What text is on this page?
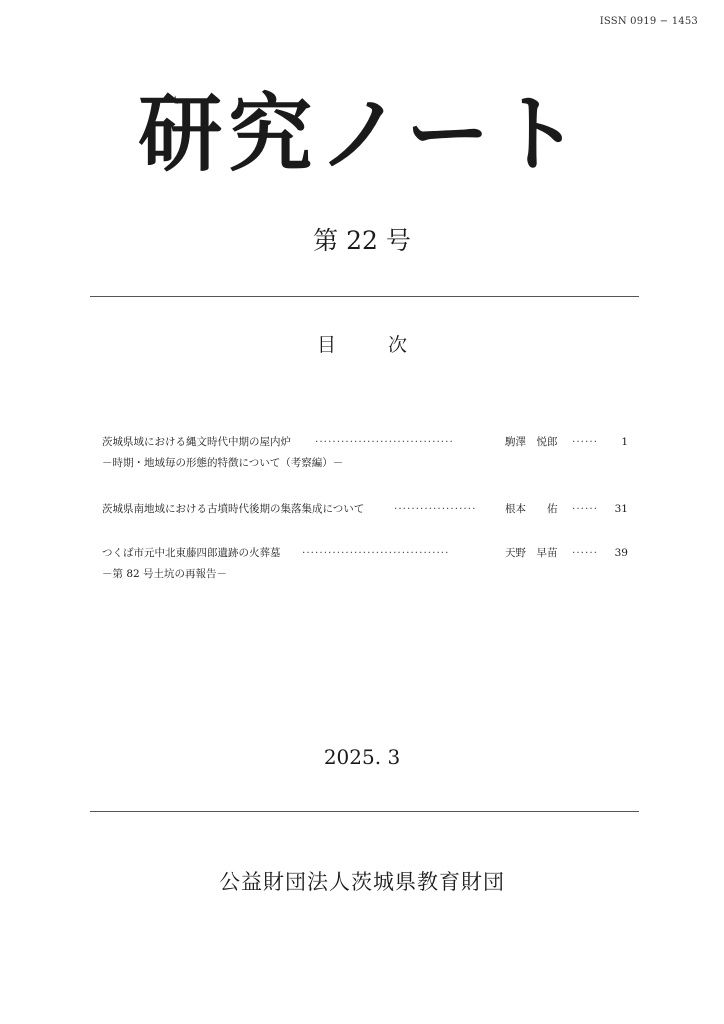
ISSN 0919 − 1453
研究ノート
第 22 号
目次
茨城県域における縄文時代中期の屋内炉 ································	駒澤　悦郎 ······ 1
－時期・地域毎の形態的特徴について（考察編）－
茨城県南地域における古墳時代後期の集落集成について	···················	根本　　佑 ······ 31
つくば市元中北東藤四郎遺跡の火葬墓 ··································	天野　早苗 ······ 39
－第 82 号土坑の再報告－
2025. 3
公益財団法人茨城県教育財団
